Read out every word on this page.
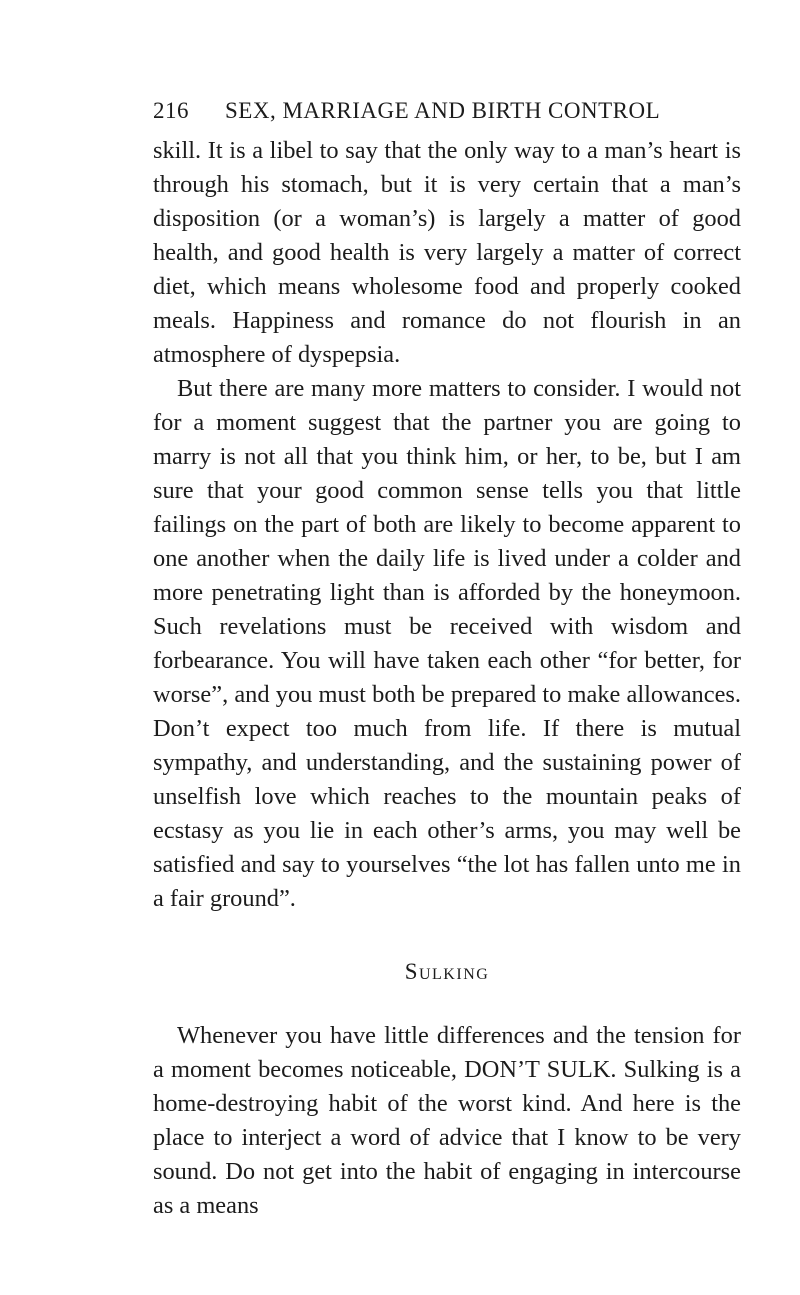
216	SEX, MARRIAGE AND BIRTH CONTROL

skill. It is a libel to say that the only way to a man’s heart is through his stomach, but it is very certain that a man’s disposition (or a woman’s) is largely a matter of good health, and good health is very largely a matter of correct diet, which means wholesome food and properly cooked meals. Happiness and romance do not flourish in an atmosphere of dyspepsia.

But there are many more matters to consider. I would not for a moment suggest that the partner you are going to marry is not all that you think him, or her, to be, but I am sure that your good common sense tells you that little failings on the part of both are likely to become apparent to one another when the daily life is lived under a colder and more penetrating light than is afforded by the honeymoon. Such revelations must be received with wisdom and forbearance. You will have taken each other “for better, for worse”, and you must both be prepared to make allowances. Don’t expect too much from life. If there is mutual sympathy, and understanding, and the sustaining power of unselfish love which reaches to the mountain peaks of ecstasy as you lie in each other’s arms, you may well be satisfied and say to yourselves “the lot has fallen unto me in a fair ground”.

Sulking

Whenever you have little differences and the tension for a moment becomes noticeable, DON’T SULK. Sulking is a home-destroying habit of the worst kind. And here is the place to interject a word of advice that I know to be very sound. Do not get into the habit of engaging in intercourse as a means
